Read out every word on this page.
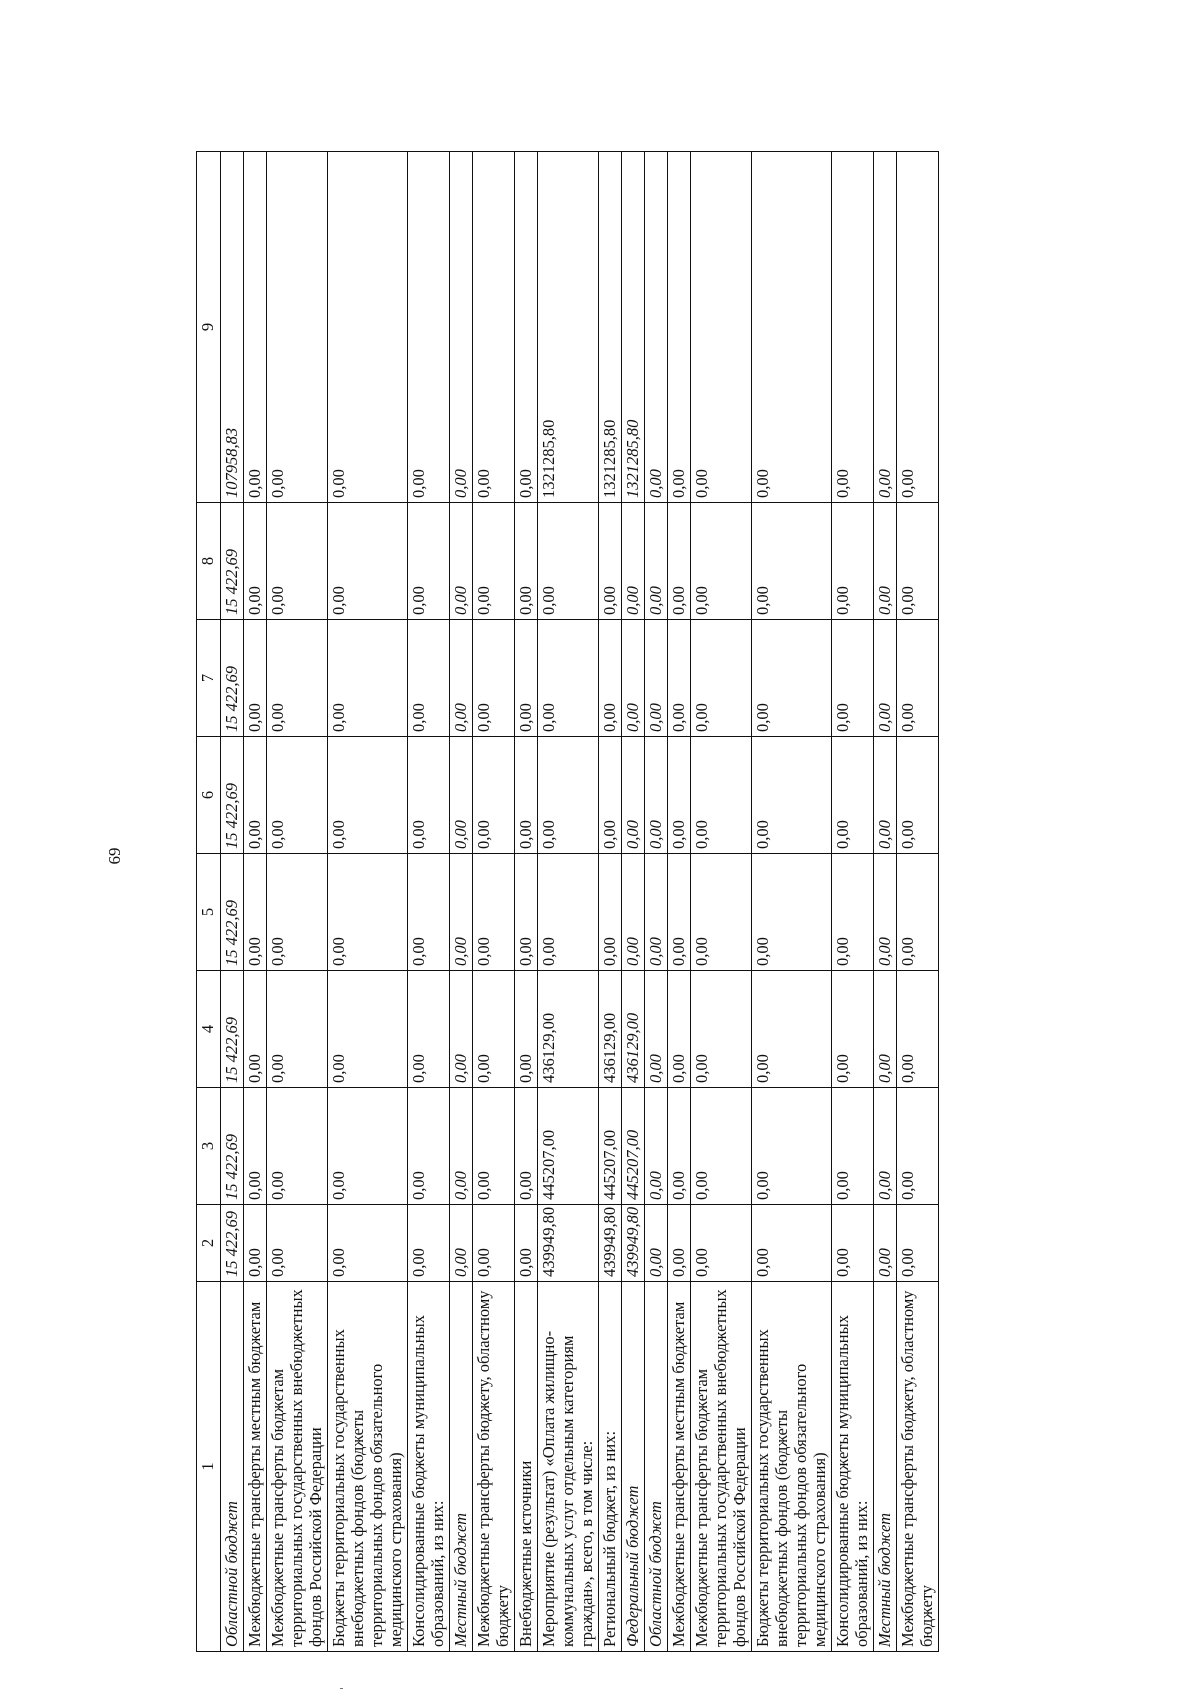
69
1	2	3	4	5	6	7	8	9
Областной бюджет	15 422,69	15 422,69	15 422,69	15 422,69	15 422,69	15 422,69	15 422,69	107958,83
Межбюджетные трансферты местным бюджетам	0,00	0,00	0,00	0,00	0,00	0,00	0,00	0,00
Межбюджетные трансферты бюджетам территориальных государственных внебюджетных фондов Российской Федерации	0,00	0,00	0,00	0,00	0,00	0,00	0,00	0,00
Бюджеты территориальных государственных внебюджетных фондов (бюджеты территориальных фондов обязательного медицинского страхования)	0,00	0,00	0,00	0,00	0,00	0,00	0,00	0,00
Консолидированные бюджеты муниципальных образований, из них:	0,00	0,00	0,00	0,00	0,00	0,00	0,00	0,00
Местный бюджет	0,00	0,00	0,00	0,00	0,00	0,00	0,00	0,00
Межбюджетные трансферты бюджету, областному бюджету	0,00	0,00	0,00	0,00	0,00	0,00	0,00	0,00
Внебюджетные источники	0,00	0,00	0,00	0,00	0,00	0,00	0,00	0,00
Мероприятие (результат) «Оплата жилищно-коммунальных услуг отдельным категориям граждан», всего, в том числе:	439949,80	445207,00	436129,00	0,00	0,00	0,00	0,00	1321285,80
Региональный бюджет, из них:	439949,80	445207,00	436129,00	0,00	0,00	0,00	0,00	1321285,80
Федеральный бюджет	439949,80	445207,00	436129,00	0,00	0,00	0,00	0,00	1321285,80
Областной бюджет	0,00	0,00	0,00	0,00	0,00	0,00	0,00	0,00
Межбюджетные трансферты местным бюджетам	0,00	0,00	0,00	0,00	0,00	0,00	0,00	0,00
Межбюджетные трансферты бюджетам территориальных государственных внебюджетных фондов Российской Федерации	0,00	0,00	0,00	0,00	0,00	0,00	0,00	0,00
Бюджеты территориальных государственных внебюджетных фондов (бюджеты территориальных фондов обязательного медицинского страхования)	0,00	0,00	0,00	0,00	0,00	0,00	0,00	0,00
Консолидированные бюджеты муниципальных образований, из них:	0,00	0,00	0,00	0,00	0,00	0,00	0,00	0,00
Местный бюджет	0,00	0,00	0,00	0,00	0,00	0,00	0,00	0,00
Межбюджетные трансферты бюджету, областному бюджету	0,00	0,00	0,00	0,00	0,00	0,00	0,00	0,00
